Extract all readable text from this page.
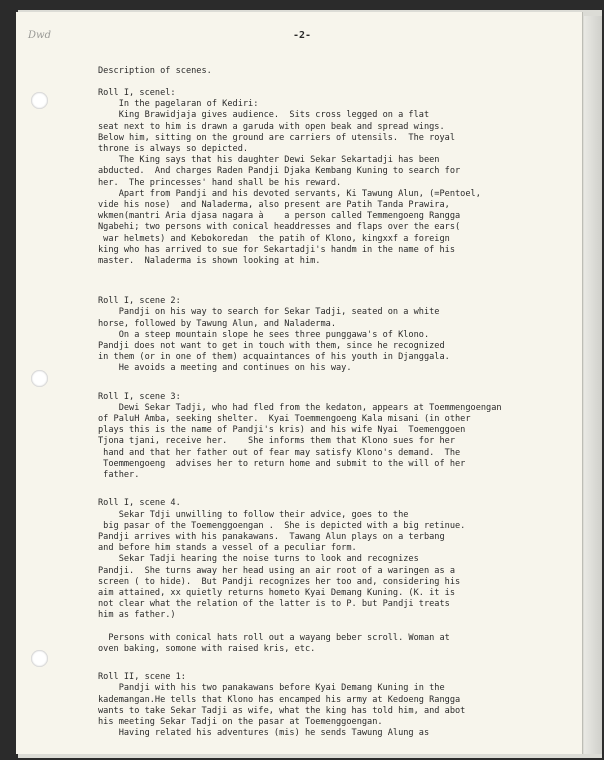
Dwd	-2-
Description of scenes.
Roll I, scenel:
In the pagelaran of Kediri:
King Brawidjaja gives audience.  Sits cross legged on a flat
seat next to him is drawn a garuda with open beak and spread wings.
Below him, sitting on the ground are carriers of utensils.  The royal
throne is always so depicted.
The King says that his daughter Dewi Sekar Sekartadji has been
abducted.  And charges Raden Pandji Djaka Kembang Kuning to search for
her.  The princesses' hand shall be his reward.
Apart from Pandji and his devoted servants, Ki Tawung Alun, (=Pentoel,
vide his nose)  and Naladerma, also present are Patih Tanda Prawira,
wkmen(mantri Aria djasa nagara à    a person called Temmengoeng Rangga
Ngabehi; two persons with conical headdresses and flaps over the ears(
war helmets) and Kebokoredan  the patih of Klono, kingxxf a foreign
king who has arrived to sue for Sekartadji's handm in the name of his
master.  Naladerma is shown looking at him.
Roll I, scene 2:
Pandji on his way to search for Sekar Tadji, seated on a white
horse, followed by Tawung Alun, and Naladerma.
On a steep mountain slope he sees three punggawa's of Klono.
Pandji does not want to get in touch with them, since he recognized
in them (or in one of them) acquaintances of his youth in Djanggala.
He avoids a meeting and continues on his way.
Roll I, scene 3:
Dewi Sekar Tadji, who had fled from the kedaton, appears at Toemmengoengan
of PaluH Amba, seeking shelter.  Kyai Toemmengoeng Kala misani (in other
plays this is the name of Pandji's kris) and his wife Nyai  Toemenggoen
Tjona tjani, receive her.    She informs them that Klono sues for her
hand and that her father out of fear may satisfy Klono's demand.  The
Toemmengoeng  advises her to return home and submit to the will of her
father.
Roll I, scene 4.
Sekar Tdji unwilling to follow their advice, goes to the
big pasar of the Toemenggoengan .  She is depicted with a big retinue.
Pandji arrives with his panakawans.  Tawang Alun plays on a terbang
and before him stands a vessel of a peculiar form.
Sekar Tadji hearing the noise turns to look and recognizes
Pandji.  She turns away her head using an air root of a waringen as a
screen ( to hide).  But Pandji recognizes her too and, considering his
aim attained, xx quietly returns hometo Kyai Demang Kuning. (K. it is
not clear what the relation of the latter is to P. but Pandji treats
him as father.)

Persons with conical hats roll out a wayang beber scroll. Woman at
oven baking, somone with raised kris, etc.
Roll II, scene 1:
Pandji with his two panakawans before Kyai Demang Kuning in the
kademangan.He tells that Klono has encamped his army at Kedoeng Rangga
wants to take Sekar Tadji as wife, what the king has told him, and abot
his meeting Sekar Tadji on the pasar at Toemenggoengan.
Having related his adventures (mis) he sends Tawung Alung as
